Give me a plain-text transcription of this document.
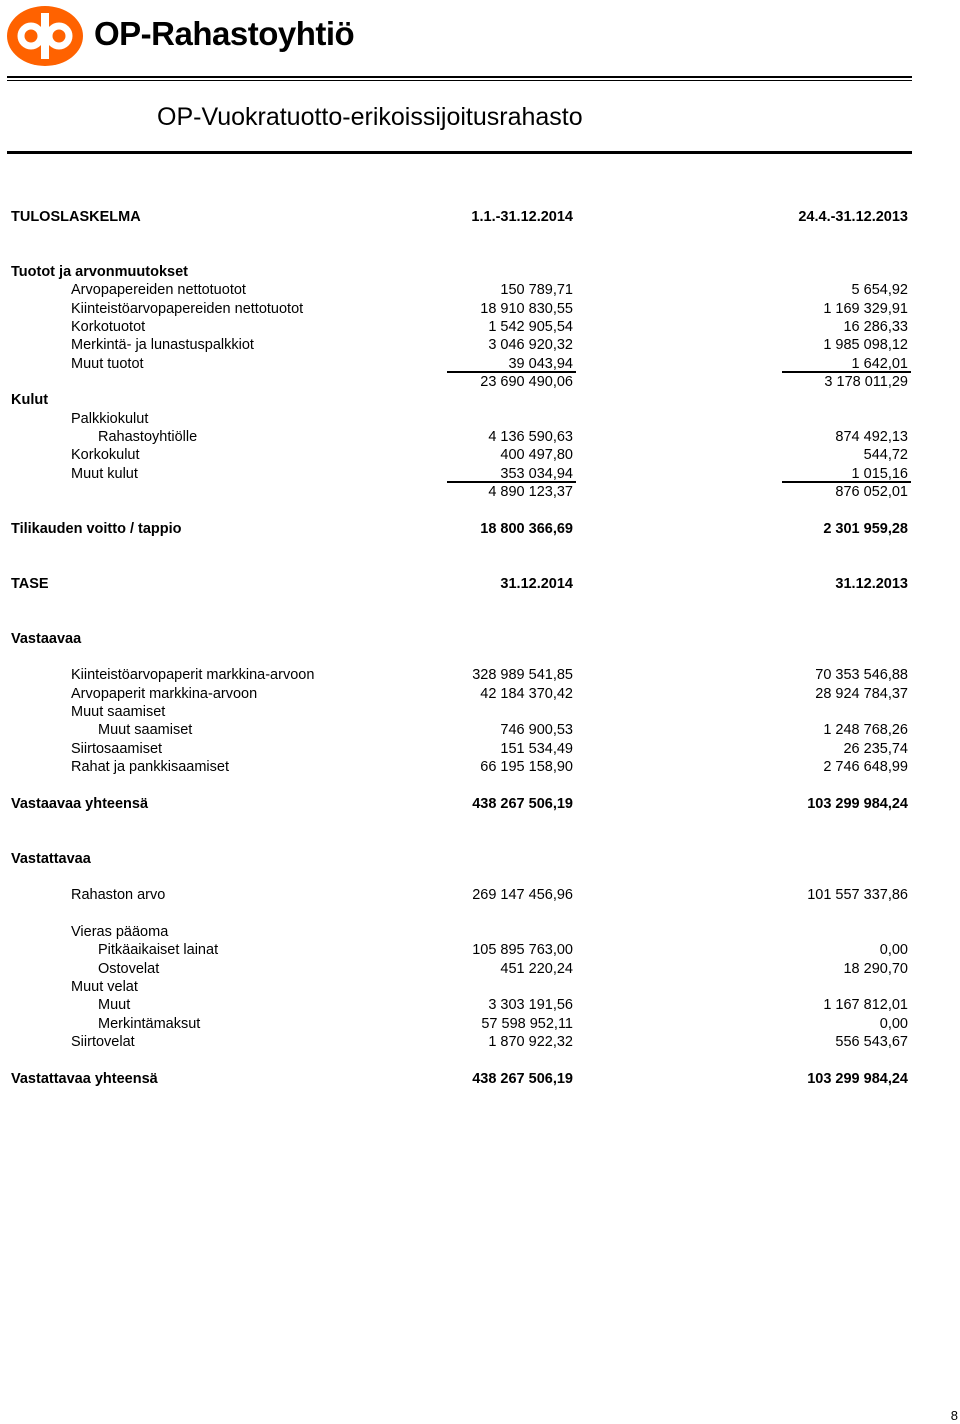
OP-Rahastoyhtiö
OP-Vuokratuotto-erikoissijoitusrahasto
TULOSLASKELMA	1.1.-31.12.2014	24.4.-31.12.2013
Tuotot ja arvonmuutokset
Arvopapereiden nettotuotot	150 789,71	5 654,92
Kiinteistöarvopapereiden nettotuotot	18 910 830,55	1 169 329,91
Korkotuotot	1 542 905,54	16 286,33
Merkintä- ja lunastuspalkkiot	3 046 920,32	1 985 098,12
Muut tuotot	39 043,94	1 642,01
23 690 490,06	3 178 011,29
Kulut
Palkkiokulut
Rahastoyhtiölle	4 136 590,63	874 492,13
Korkokulut	400 497,80	544,72
Muut kulut	353 034,94	1 015,16
4 890 123,37	876 052,01
Tilikauden voitto / tappio	18 800 366,69	2 301 959,28
TASE	31.12.2014	31.12.2013
Vastaavaa
Kiinteistöarvopaperit markkina-arvoon	328 989 541,85	70 353 546,88
Arvopaperit markkina-arvoon	42 184 370,42	28 924 784,37
Muut saamiset
Muut saamiset	746 900,53	1 248 768,26
Siirtosaamiset	151 534,49	26 235,74
Rahat ja pankkisaamiset	66 195 158,90	2 746 648,99
Vastaavaa yhteensä	438 267 506,19	103 299 984,24
Vastattavaa
Rahaston arvo	269 147 456,96	101 557 337,86
Vieras pääoma
Pitkäaikaiset lainat	105 895 763,00	0,00
Ostovelat	451 220,24	18 290,70
Muut velat
Muut	3 303 191,56	1 167 812,01
Merkintämaksut	57 598 952,11	0,00
Siirtovelat	1 870 922,32	556 543,67
Vastattavaa yhteensä	438 267 506,19	103 299 984,24
8
